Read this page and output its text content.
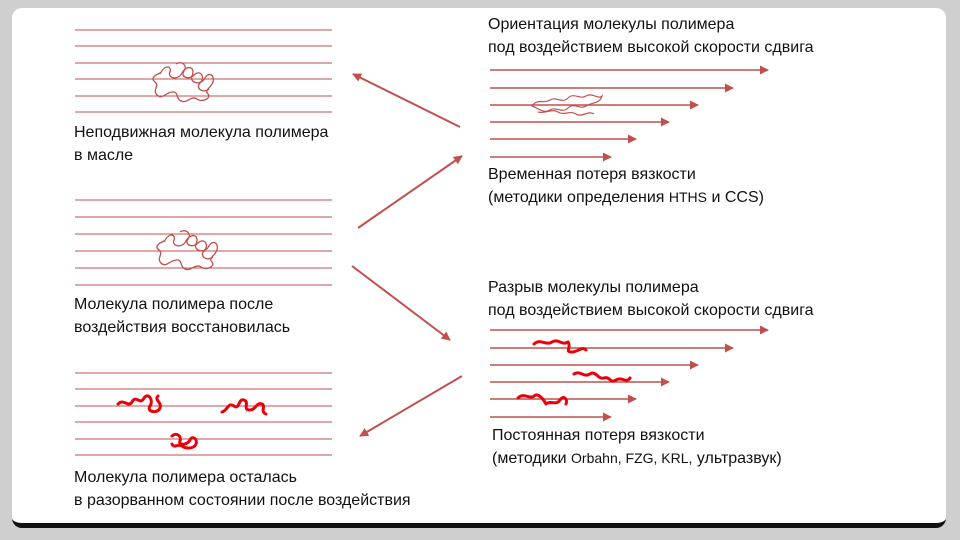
Неподвижная молекула полимера
в масле
Молекула полимера после
воздействия восстановилась
Молекула полимера осталась
в разорванном состоянии после воздействия
Ориентация молекулы полимера
под воздействием высокой скорости сдвига
Временная потеря вязкости
(методики определения HTHS и CCS)
Разрыв молекулы полимера
под воздействием высокой скорости сдвига
Постоянная потеря вязкости
(методики Orbahn, FZG, KRL, ультразвук)
